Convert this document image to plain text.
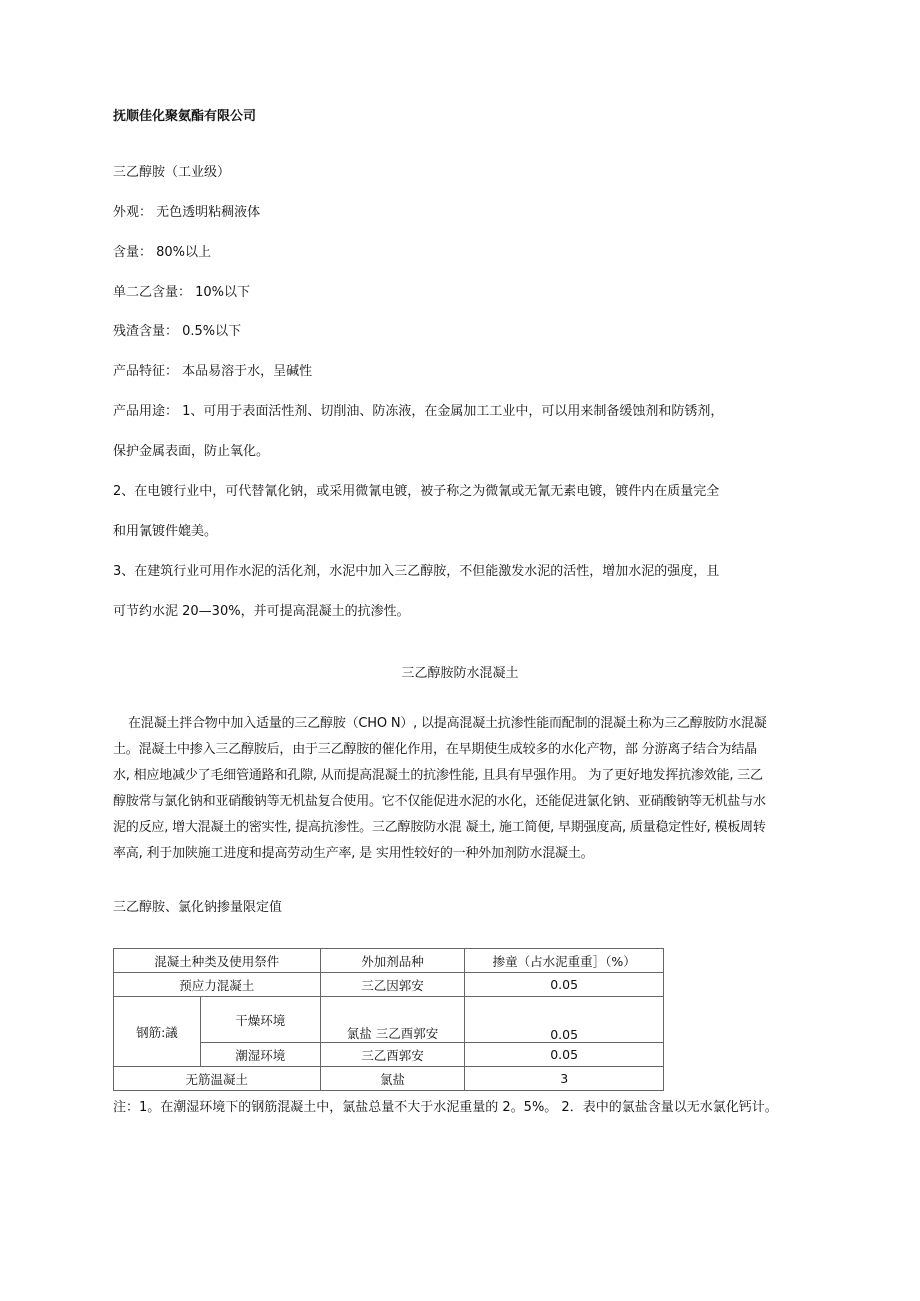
抚顺佳化聚氨酯有限公司
三乙醇胺（工业级）
外观： 无色透明粘稠液体
含量： 80%以上
单二乙含量： 10%以下
残渣含量： 0.5%以下
产品特征： 本品易溶于水，呈碱性
产品用途： 1、可用于表面活性剂、切削油、防冻液，在金属加工工业中，可以用来制备缓蚀剂和防锈剂，
保护金属表面，防止氧化。
2、在电镀行业中，可代替氰化钠，或采用微氰电镀，被子称之为微氰或无氰无素电镀，镀件内在质量完全
和用氰镀件媲美。
3、在建筑行业可用作水泥的活化剂，水泥中加入三乙醇胺，不但能激发水泥的活性，增加水泥的强度，且
可节约水泥 20—30%，并可提高混凝土的抗渗性。
三乙醇胺防水混凝土
在混凝土拌合物中加入适量的三乙醇胺（CHO N）, 以提高混凝土抗渗性能而配制的混凝土称为三乙醇胺防水混凝土。混凝土中掺入三乙醇胺后，由于三乙醇胺的催化作用，在早期使生成较多的水化产物，部 分游离子结合为结晶水, 相应地减少了毛细管通路和孔隙, 从而提高混凝土的抗渗性能, 且具有早强作用。 为了更好地发挥抗渗效能, 三乙醇胺常与氯化钠和亚硝酸钠等无机盐复合使用。它不仅能促进水泥的水化，还能促进氯化钠、亚硝酸钠等无机盐与水泥的反应, 增大混凝土的密实性, 提高抗渗性。三乙醇胺防水混 凝土, 施工简便, 早期强度高, 质量稳定性好, 模板周转率高, 利于加陕施工进度和提高劳动生产率, 是 实用性较好的一种外加剂防水混凝土。
三乙醇胺、氯化钠掺量限定值
混凝土种类及使用祭件		外加剂品种	掺童（占水泥重重］（%）
预应力混凝土		三乙因郭安	0.05
钢筋:議	干燥环境	氯盐 三乙酉郭安	0.05
	潮湿环境	三乙酉郭安	0.05
无筋温凝土		氯盐	3
注：1。在潮湿环境下的钢筋混凝土中，氯盐总量不大于水泥重量的 2。5%。 2．表中的氯盐含量以无水氯化钙计。
